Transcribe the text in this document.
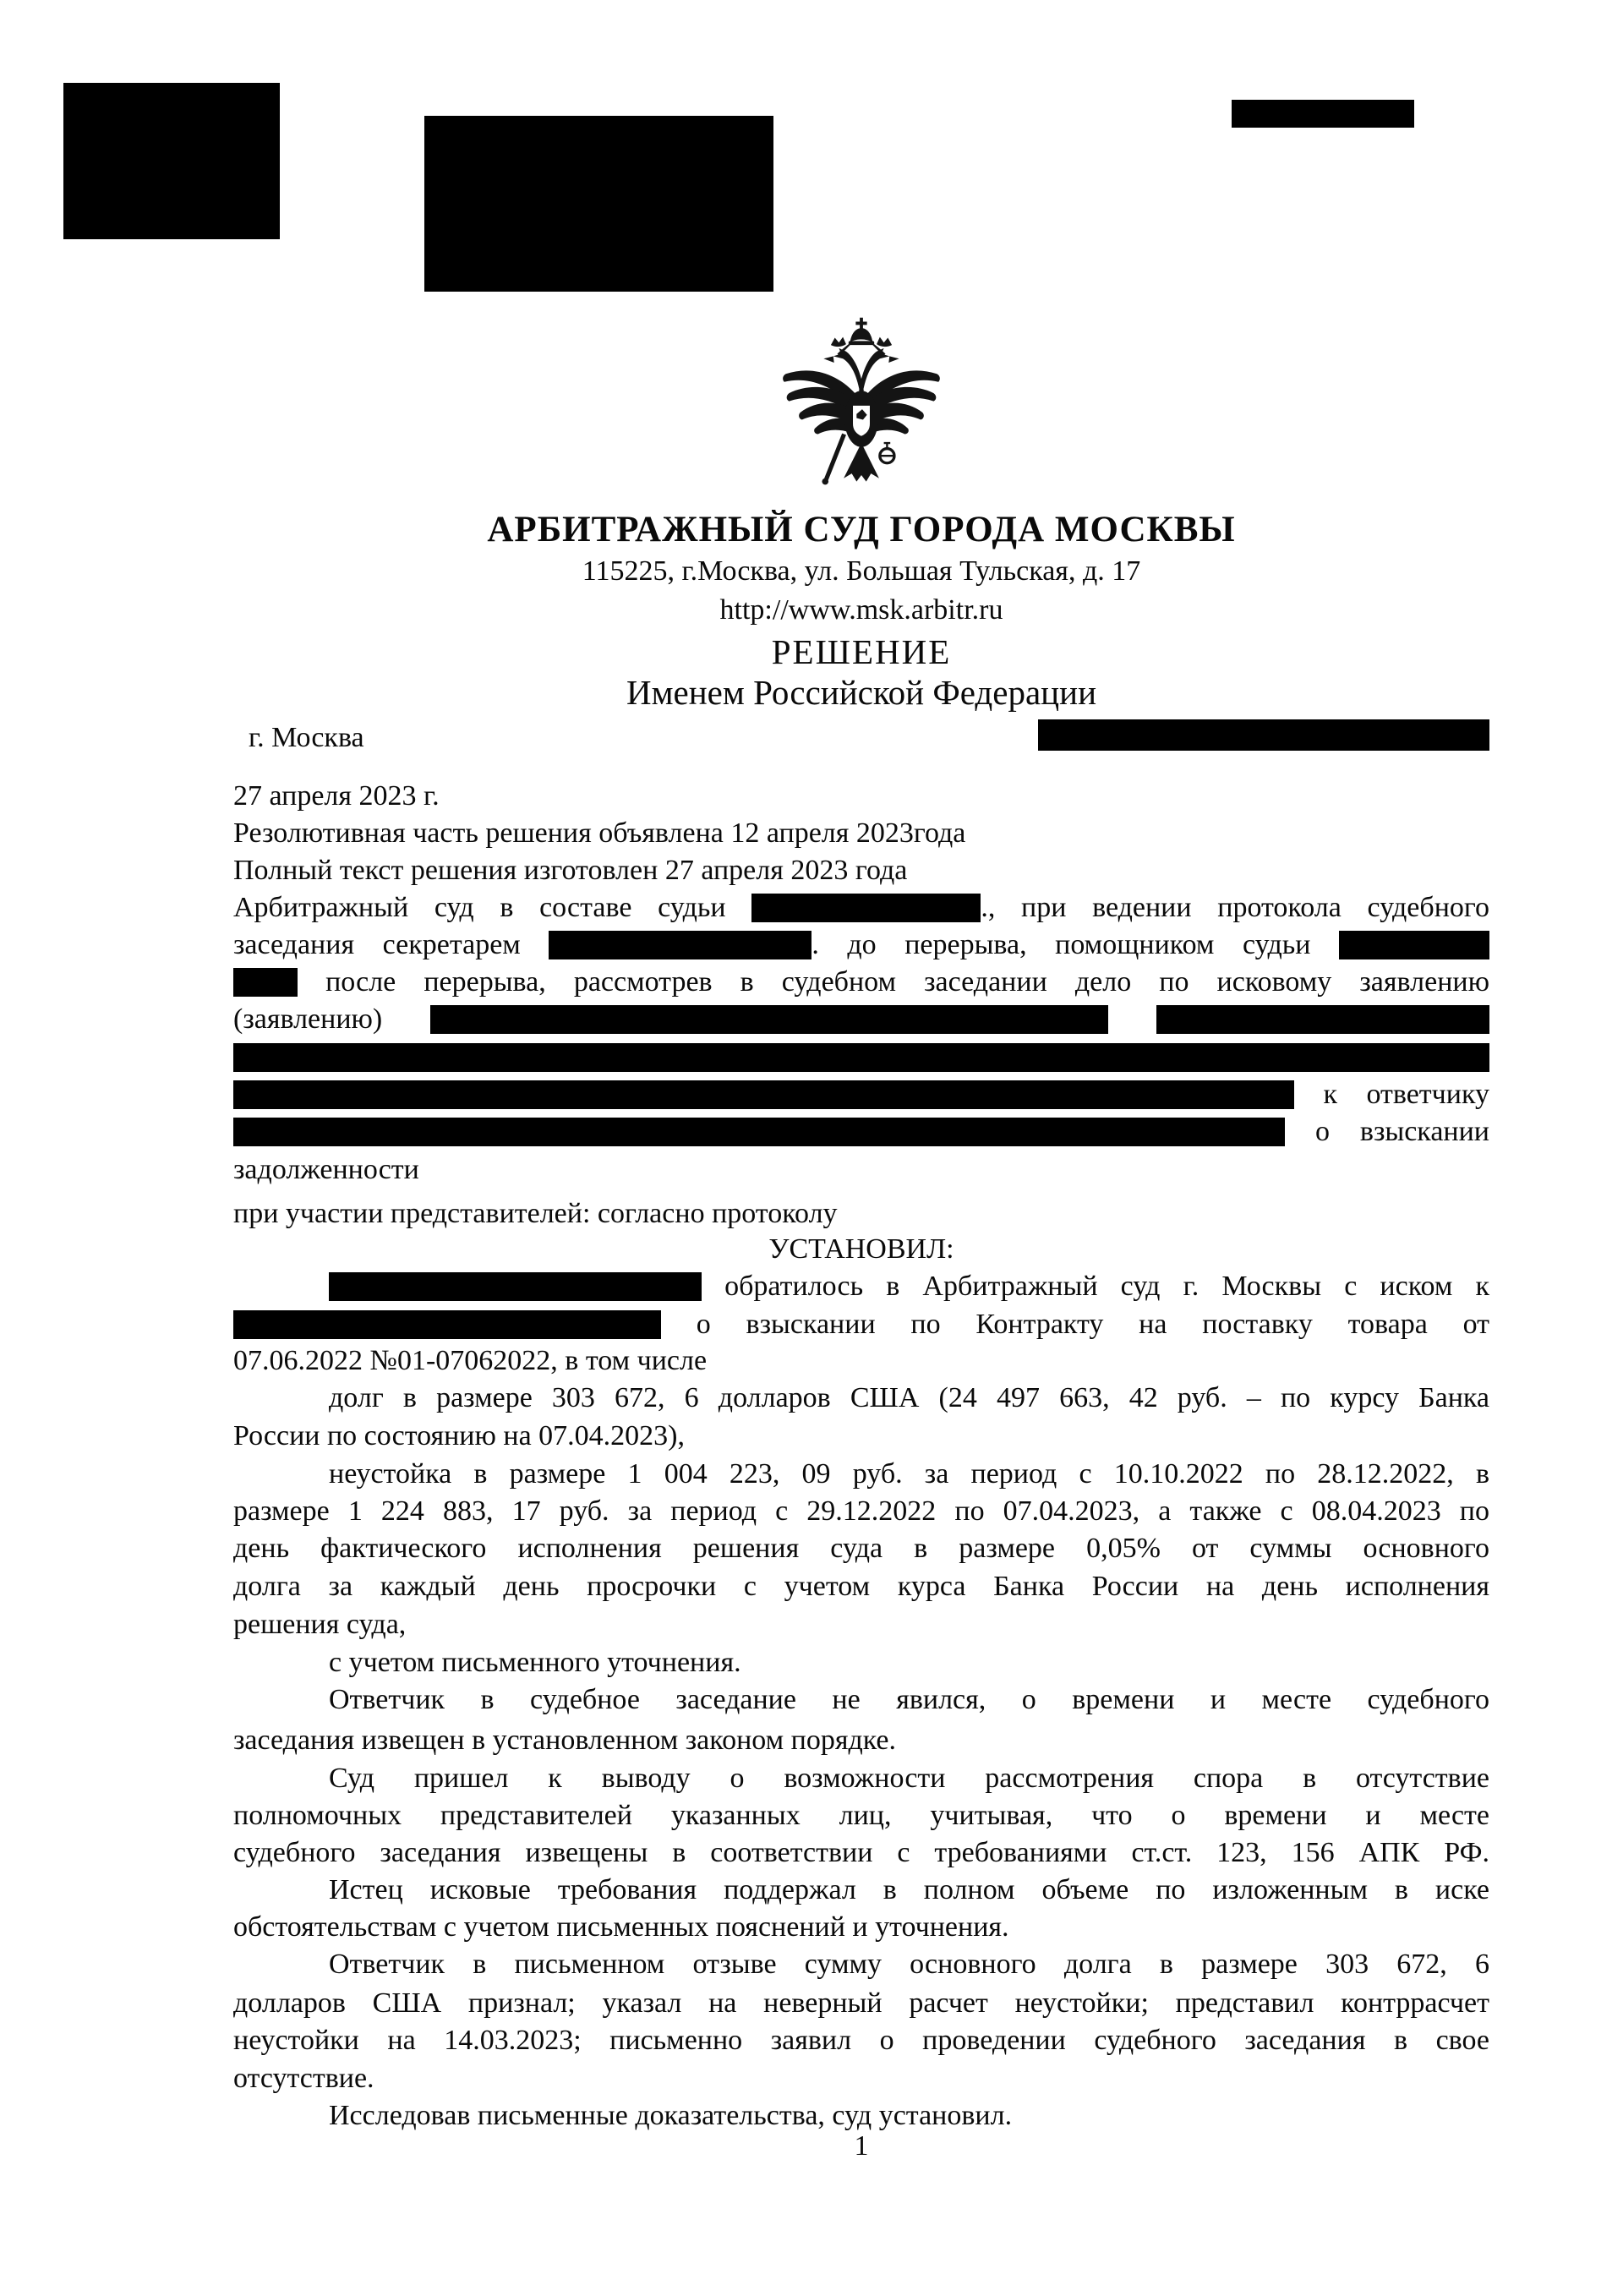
АРБИТРАЖНЫЙ СУД ГОРОДА МОСКВЫ
115225, г.Москва, ул. Большая Тульская, д. 17
http://www.msk.arbitr.ru
РЕШЕНИЕ
Именем Российской Федерации
г. Москва
27 апреля 2023 г.
Резолютивная часть решения объявлена 12 апреля 2023года
Полный текст решения изготовлен 27 апреля 2023 года
Арбитражный суд в составе судьи	., при ведении протокола судебного
заседания секретарем	. до перерыва, помощником судьи
после перерыва, рассмотрев в судебном заседании дело по исковому заявлению
(заявлению)
к ответчику
о взыскании
задолженности
при участии представителей: согласно протоколу
УСТАНОВИЛ:
обратилось в Арбитражный суд г. Москвы с иском к
о взыскании по Контракту на поставку товара от
07.06.2022 №01-07062022, в том числе
долг в размере 303 672, 6 долларов США (24 497 663, 42 руб. – по курсу Банка
России по состоянию на 07.04.2023),
неустойка в размере 1 004 223, 09 руб. за период с 10.10.2022 по 28.12.2022, в
размере 1 224 883, 17 руб. за период с 29.12.2022 по 07.04.2023, а также с 08.04.2023 по
день фактического исполнения решения суда в размере 0,05% от суммы основного
долга за каждый день просрочки с учетом курса Банка России на день исполнения
решения суда,
с учетом письменного уточнения.
Ответчик в судебное заседание не явился, о времени и месте судебного
заседания извещен в установленном законом порядке.
Суд пришел к выводу о возможности рассмотрения спора в отсутствие
полномочных представителей указанных лиц, учитывая, что о времени и месте
судебного заседания извещены в соответствии с требованиями ст.ст. 123, 156 АПК РФ.
Истец исковые требования поддержал в полном объеме по изложенным в иске
обстоятельствам с учетом письменных пояснений и уточнения.
Ответчик в письменном отзыве сумму основного долга в размере 303 672, 6
долларов США признал; указал на неверный расчет неустойки; представил контррасчет
неустойки на 14.03.2023; письменно заявил о проведении судебного заседания в свое
отсутствие.
Исследовав письменные доказательства, суд установил.
1
